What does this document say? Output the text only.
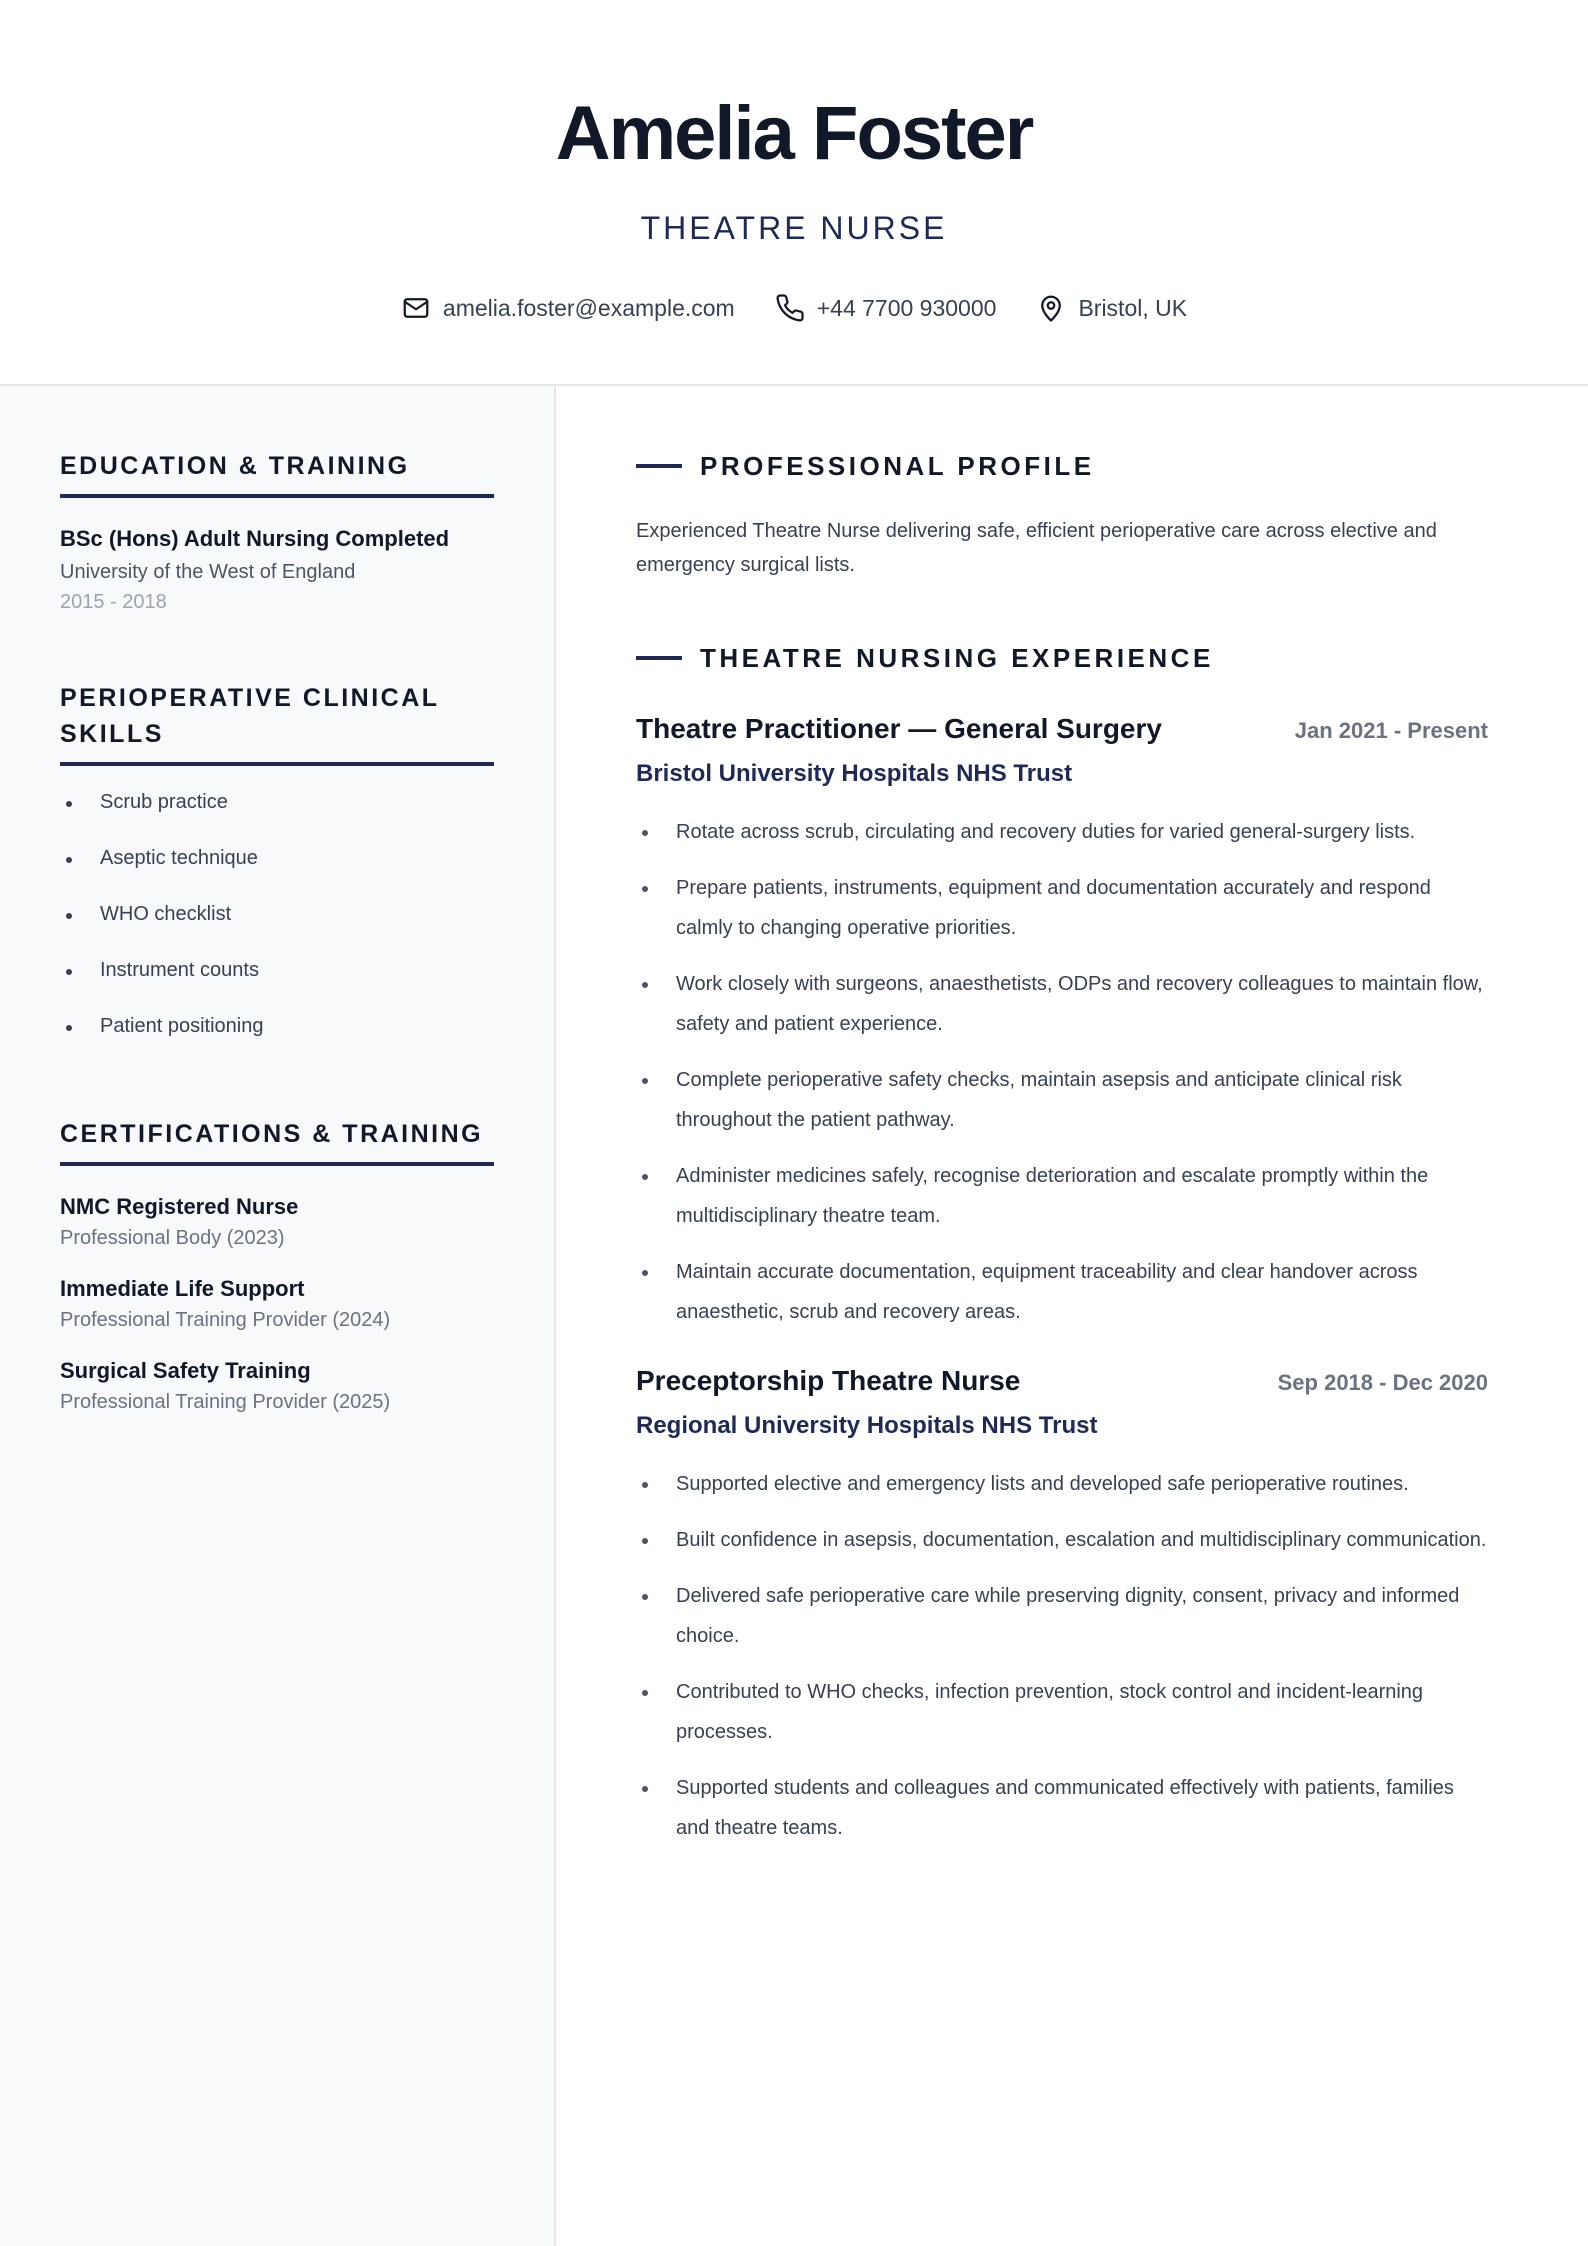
Amelia Foster
THEATRE NURSE
amelia.foster@example.com	+44 7700 930000	Bristol, UK
EDUCATION & TRAINING
BSc (Hons) Adult Nursing Completed
University of the West of England
2015 - 2018
PERIOPERATIVE CLINICAL SKILLS
Scrub practice
Aseptic technique
WHO checklist
Instrument counts
Patient positioning
CERTIFICATIONS & TRAINING
NMC Registered Nurse
Professional Body (2023)
Immediate Life Support
Professional Training Provider (2024)
Surgical Safety Training
Professional Training Provider (2025)
PROFESSIONAL PROFILE

Experienced Theatre Nurse delivering safe, efficient perioperative care across elective and emergency surgical lists.

THEATRE NURSING EXPERIENCE
Theatre Practitioner — General Surgery	Jan 2021 - Present
Bristol University Hospitals NHS Trust
Rotate across scrub, circulating and recovery duties for varied general-surgery lists.
Prepare patients, instruments, equipment and documentation accurately and respond calmly to changing operative priorities.
Work closely with surgeons, anaesthetists, ODPs and recovery colleagues to maintain flow, safety and patient experience.
Complete perioperative safety checks, maintain asepsis and anticipate clinical risk throughout the patient pathway.
Administer medicines safely, recognise deterioration and escalate promptly within the multidisciplinary theatre team.
Maintain accurate documentation, equipment traceability and clear handover across anaesthetic, scrub and recovery areas.
Preceptorship Theatre Nurse	Sep 2018 - Dec 2020
Regional University Hospitals NHS Trust
Supported elective and emergency lists and developed safe perioperative routines.
Built confidence in asepsis, documentation, escalation and multidisciplinary communication.
Delivered safe perioperative care while preserving dignity, consent, privacy and informed choice.
Contributed to WHO checks, infection prevention, stock control and incident-learning processes.
Supported students and colleagues and communicated effectively with patients, families and theatre teams.
